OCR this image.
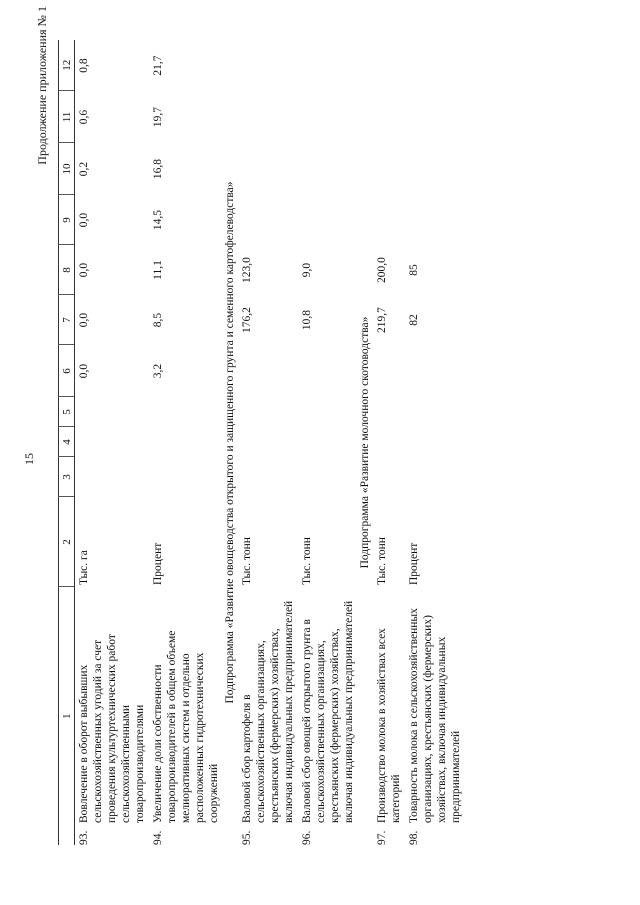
15
Продолжение приложения № 1
1	2	3	4	5	6	7	8	9	10	11	12
93.Вовлечение в оборот выбывших сельскохозяйственных угодий за счет проведения культуртехнических работ сельскохозяйственными товаропроизводителями	Тыс. га				0,0	0,0	0,0	0,0	0,2	0,6	0,8
94.Увеличение доли собственности товаропроизводителей в общем объеме мелиоративных систем и отдельно расположенных гидротехнических сооружений	Процент				3,2	8,5	11,1	14,5	16,8	19,7	21,7
Подпрограмма «Развитие овощеводства открытого и защищенного грунта и семенного картофелеводства»											
95.Валовой сбор картофеля в сельскохозяйственных организациях, крестьянских (фермерских) хозяйствах, включая индивидуальных предпринимателей	Тыс. тонн					176,2	123,0				
96.Валовой сбор овощей открытого грунта в сельскохозяйственных организациях, крестьянских (фермерских) хозяйствах, включая индивидуальных предпринимателей	Тыс. тонн					10,8	9,0				
Подпрограмма «Развитие молочного скотоводства»											
97.Производство молока в хозяйствах всех категорий	Тыс. тонн					219,7	200,0				
98.Товарность молока в сельскохозяйственных организациях, крестьянских (фермерских) хозяйствах, включая индивидуальных предпринимателей	Процент					82	85				
